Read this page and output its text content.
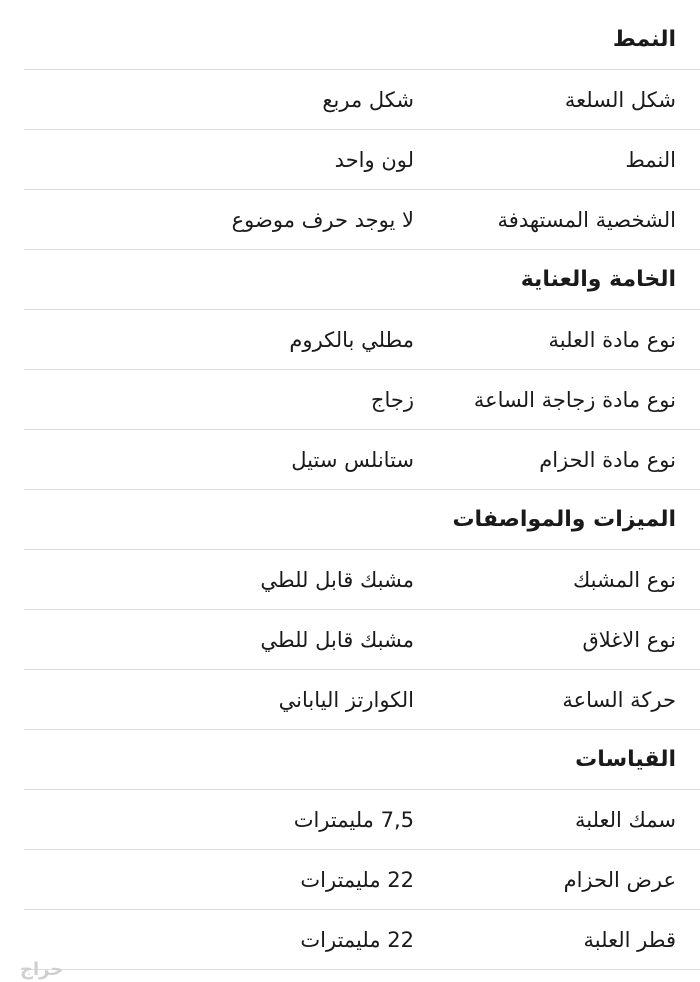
النمط
شكل السلعة
شكل مربع
النمط
لون واحد
الشخصية المستهدفة
لا يوجد حرف موضوع
الخامة والعناية
نوع مادة العلبة
مطلي بالكروم
نوع مادة زجاجة الساعة
زجاج
نوع مادة الحزام
ستانلس ستيل
الميزات والمواصفات
نوع المشبك
مشبك قابل للطي
نوع الاغلاق
مشبك قابل للطي
حركة الساعة
الكوارتز الياباني
القياسات
سمك العلبة
7,5 مليمترات
عرض الحزام
22 مليمترات
قطر العلبة
22 مليمترات
حراج
